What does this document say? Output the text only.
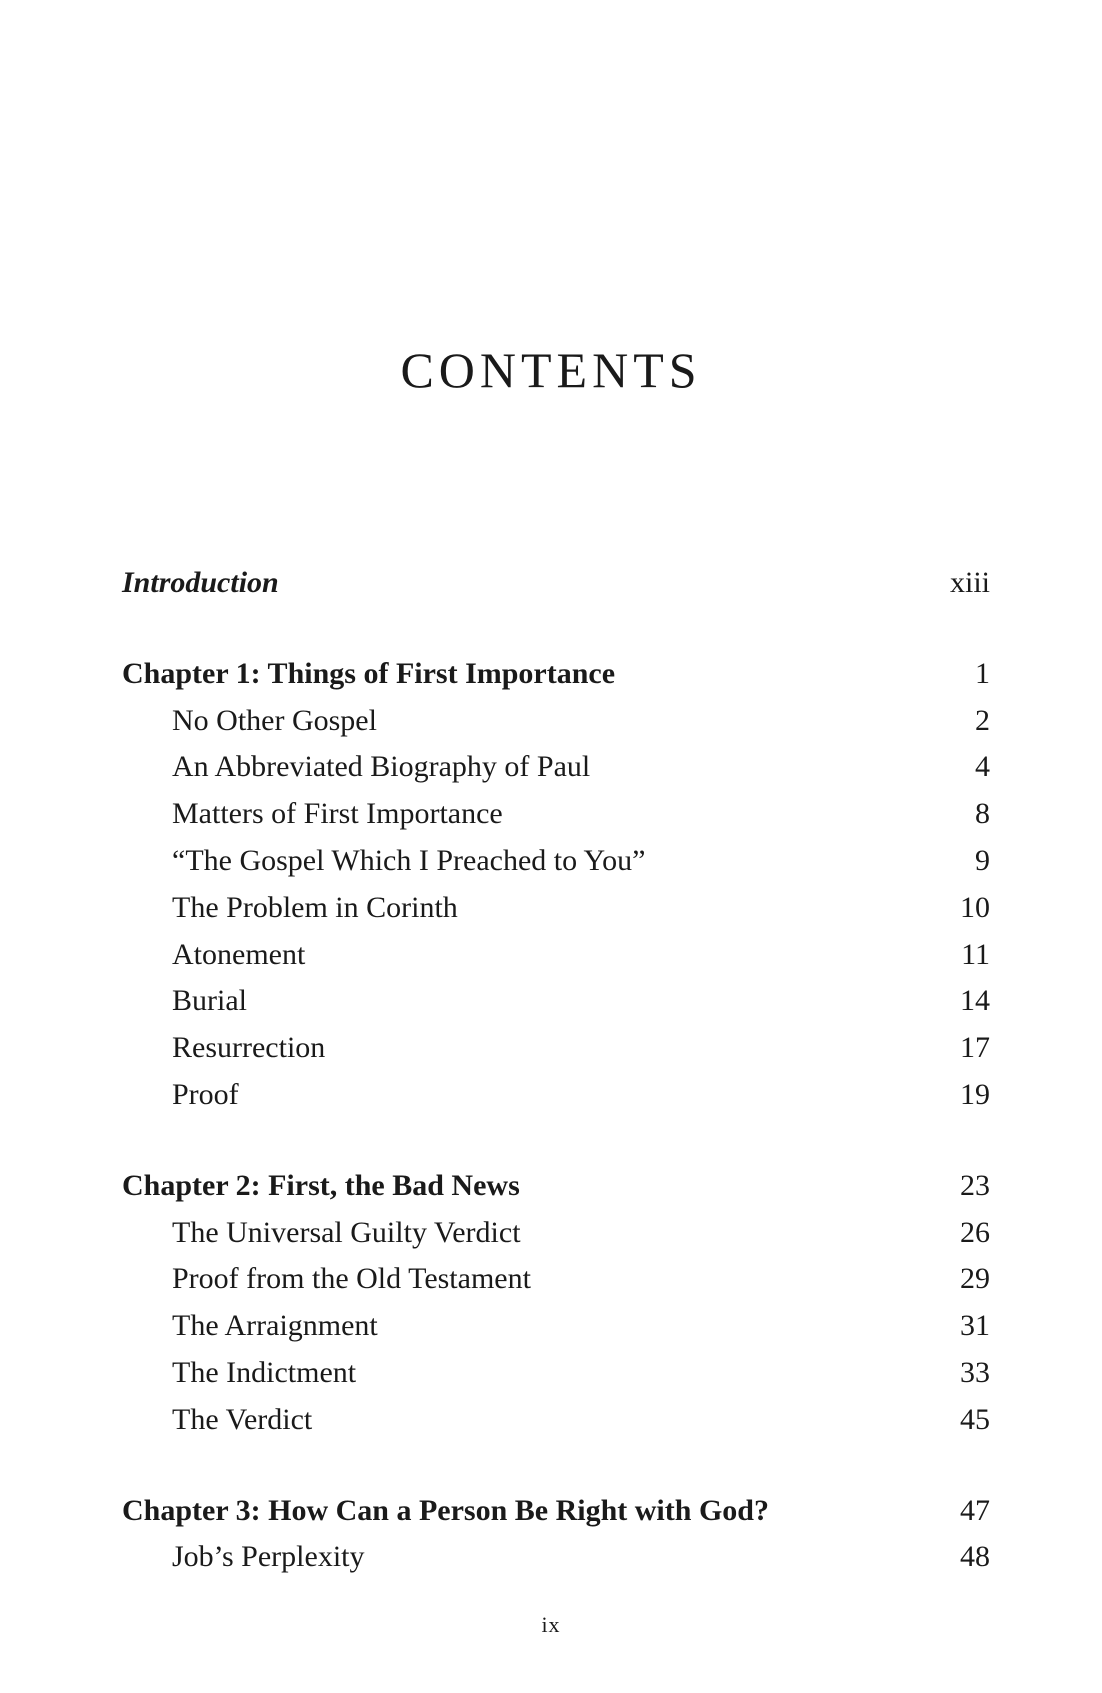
CONTENTS
Introduction	xiii
Chapter 1: Things of First Importance	1
No Other Gospel	2
An Abbreviated Biography of Paul	4
Matters of First Importance	8
“The Gospel Which I Preached to You”	9
The Problem in Corinth	10
Atonement	11
Burial	14
Resurrection	17
Proof	19
Chapter 2: First, the Bad News	23
The Universal Guilty Verdict	26
Proof from the Old Testament	29
The Arraignment	31
The Indictment	33
The Verdict	45
Chapter 3: How Can a Person Be Right with God?	47
Job’s Perplexity	48
ix
